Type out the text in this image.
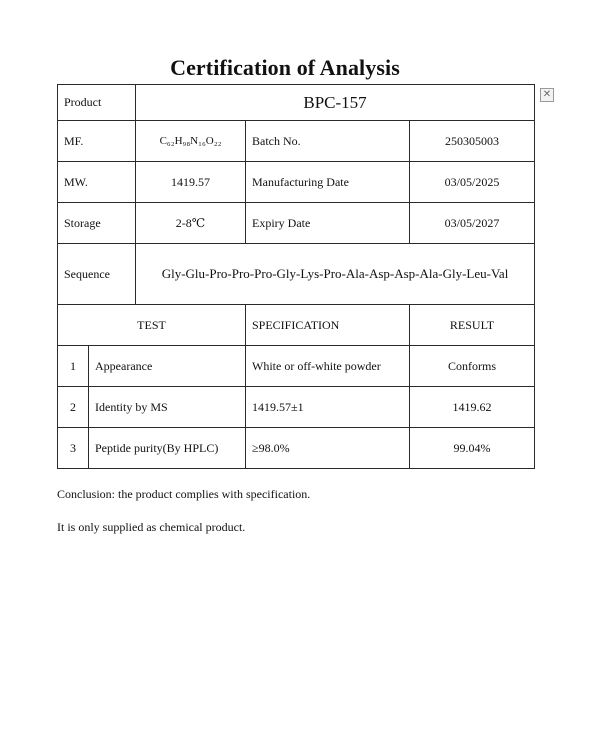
Certification of Analysis
✕
Product		BPC-157		
MF.		C₆₂H₉₈N₁₆O₂₂	Batch No.	250305003
MW.		1419.57	Manufacturing Date	03/05/2025
Storage		2-8℃	Expiry Date	03/05/2027
Sequence		Gly-Glu-Pro-Pro-Pro-Gly-Lys-Pro-Ala-Asp-Asp-Ala-Gly-Leu-Val		
TEST			SPECIFICATION	RESULT
1	Appearance		White or off-white powder	Conforms
2	Identity by MS		1419.57±1	1419.62
3	Peptide purity(By HPLC)		≥98.0%	99.04%
Conclusion: the product complies with specification.
It is only supplied as chemical product.
